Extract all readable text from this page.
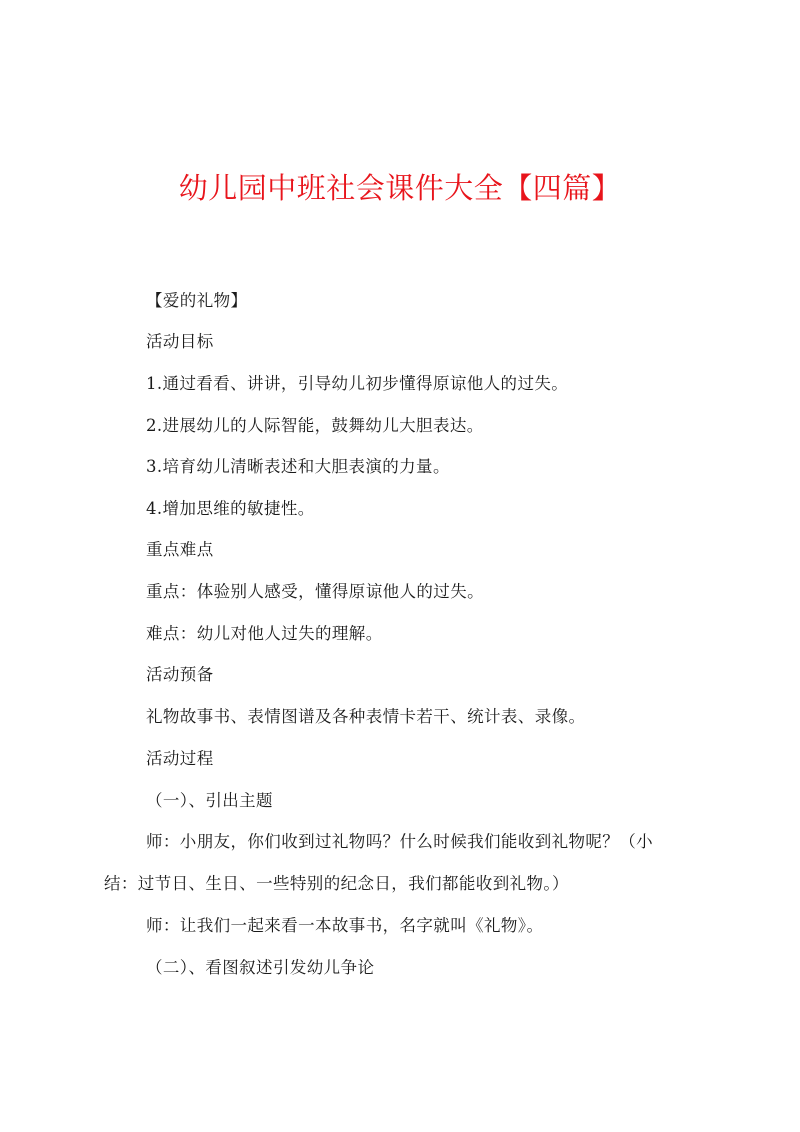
幼儿园中班社会课件大全【四篇】
【爱的礼物】
活动目标
1.通过看看、讲讲，引导幼儿初步懂得原谅他人的过失。
2.进展幼儿的人际智能，鼓舞幼儿大胆表达。
3.培育幼儿清晰表述和大胆表演的力量。
4.增加思维的敏捷性。
重点难点
重点：体验别人感受，懂得原谅他人的过失。
难点：幼儿对他人过失的理解。
活动预备
礼物故事书、表情图谱及各种表情卡若干、统计表、录像。
活动过程
（一）、引出主题
师：小朋友，你们收到过礼物吗？什么时候我们能收到礼物呢？（小
结：过节日、生日、一些特别的纪念日，我们都能收到礼物。）
师：让我们一起来看一本故事书，名字就叫《礼物》。
（二）、看图叙述引发幼儿争论
